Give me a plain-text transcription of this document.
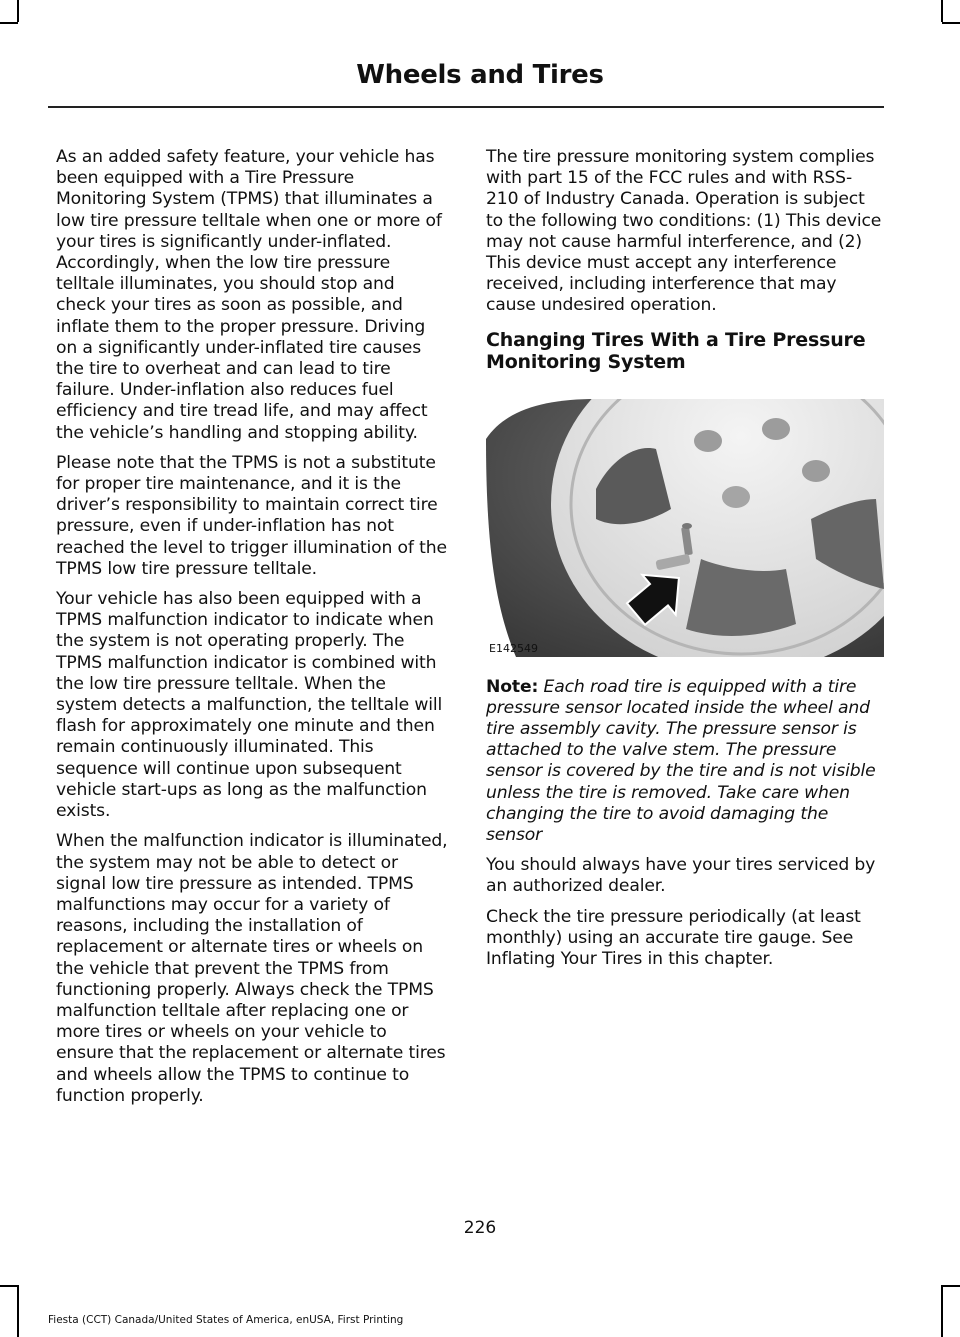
Wheels and Tires

As an added safety feature, your vehicle has been equipped with a Tire Pressure Monitoring System (TPMS) that illuminates a low tire pressure telltale when one or more of your tires is significantly under-inflated. Accordingly, when the low tire pressure telltale illuminates, you should stop and check your tires as soon as possible, and inflate them to the proper pressure. Driving on a significantly under-inflated tire causes the tire to overheat and can lead to tire failure. Under-inflation also reduces fuel efficiency and tire tread life, and may affect the vehicle’s handling and stopping ability.

Please note that the TPMS is not a substitute for proper tire maintenance, and it is the driver’s responsibility to maintain correct tire pressure, even if under-inflation has not reached the level to trigger illumination of the TPMS low tire pressure telltale.

Your vehicle has also been equipped with a TPMS malfunction indicator to indicate when the system is not operating properly. The TPMS malfunction indicator is combined with the low tire pressure telltale. When the system detects a malfunction, the telltale will flash for approximately one minute and then remain continuously illuminated. This sequence will continue upon subsequent vehicle start-ups as long as the malfunction exists.

When the malfunction indicator is illuminated, the system may not be able to detect or signal low tire pressure as intended. TPMS malfunctions may occur for a variety of reasons, including the installation of replacement or alternate tires or wheels on the vehicle that prevent the TPMS from functioning properly. Always check the TPMS malfunction telltale after replacing one or more tires or wheels on your vehicle to ensure that the replacement or alternate tires and wheels allow the TPMS to continue to function properly.

The tire pressure monitoring system complies with part 15 of the FCC rules and with RSS-210 of Industry Canada. Operation is subject to the following two conditions: (1) This device may not cause harmful interference, and (2) This device must accept any interference received, including interference that may cause undesired operation.

Changing Tires With a Tire Pressure Monitoring System
E142549

Note: Each road tire is equipped with a tire pressure sensor located inside the wheel and tire assembly cavity. The pressure sensor is attached to the valve stem. The pressure sensor is covered by the tire and is not visible unless the tire is removed. Take care when changing the tire to avoid damaging the sensor

You should always have your tires serviced by an authorized dealer.

Check the tire pressure periodically (at least monthly) using an accurate tire gauge. See Inflating Your Tires in this chapter.

226
Fiesta (CCT) Canada/United States of America, enUSA, First Printing
